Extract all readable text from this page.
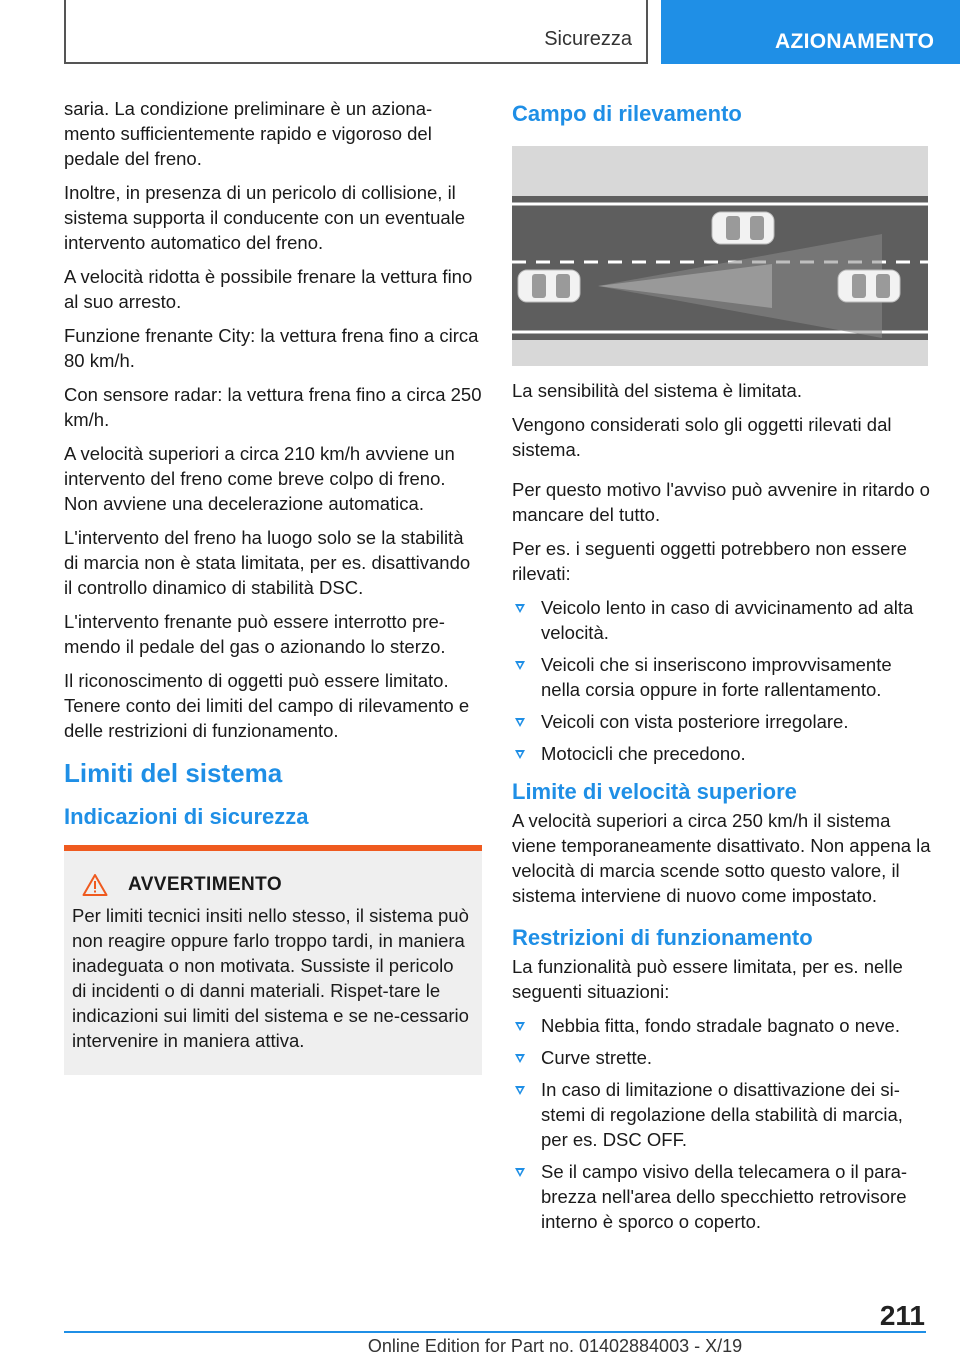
Sicurezza	AZIONAMENTO

saria. La condizione preliminare è un aziona-mento sufficientemente rapido e vigoroso del pedale del freno.

Inoltre, in presenza di un pericolo di collisione, il sistema supporta il conducente con un eventuale intervento automatico del freno.

A velocità ridotta è possibile frenare la vettura fino al suo arresto.

Funzione frenante City: la vettura frena fino a circa 80 km/h.

Con sensore radar: la vettura frena fino a circa 250 km/h.

A velocità superiori a circa 210 km/h avviene un intervento del freno come breve colpo di freno. Non avviene una decelerazione automatica.

L'intervento del freno ha luogo solo se la stabilità di marcia non è stata limitata, per es. disattivando il controllo dinamico di stabilità DSC.

L'intervento frenante può essere interrotto pre-mendo il pedale del gas o azionando lo sterzo.

Il riconoscimento di oggetti può essere limitato. Tenere conto dei limiti del campo di rilevamento e delle restrizioni di funzionamento.

Limiti del sistema
Indicazioni di sicurezza
AVVERTIMENTO

Per limiti tecnici insiti nello stesso, il sistema può non reagire oppure farlo troppo tardi, in maniera inadeguata o non motivata. Sussiste il pericolo di incidenti o di danni materiali. Rispet-tare le indicazioni sui limiti del sistema e se ne-cessario intervenire in maniera attiva.

Campo di rilevamento

La sensibilità del sistema è limitata.

Vengono considerati solo gli oggetti rilevati dal sistema.

Per questo motivo l'avviso può avvenire in ritardo o mancare del tutto.

Per es. i seguenti oggetti potrebbero non essere rilevati:

Veicolo lento in caso di avvicinamento ad alta velocità.
Veicoli che si inseriscono improvvisamente nella corsia oppure in forte rallentamento.
Veicoli con vista posteriore irregolare.
Motocicli che precedono.
Limite di velocità superiore

A velocità superiori a circa 250 km/h il sistema viene temporaneamente disattivato. Non appena la velocità di marcia scende sotto questo valore, il sistema interviene di nuovo come impostato.

Restrizioni di funzionamento

La funzionalità può essere limitata, per es. nelle seguenti situazioni:

Nebbia fitta, fondo stradale bagnato o neve.
Curve strette.
In caso di limitazione o disattivazione dei si-stemi di regolazione della stabilità di marcia, per es. DSC OFF.
Se il campo visivo della telecamera o il para-brezza nell'area dello specchietto retrovisore interno è sporco o coperto.
211
Online Edition for Part no. 01402884003 - X/19
